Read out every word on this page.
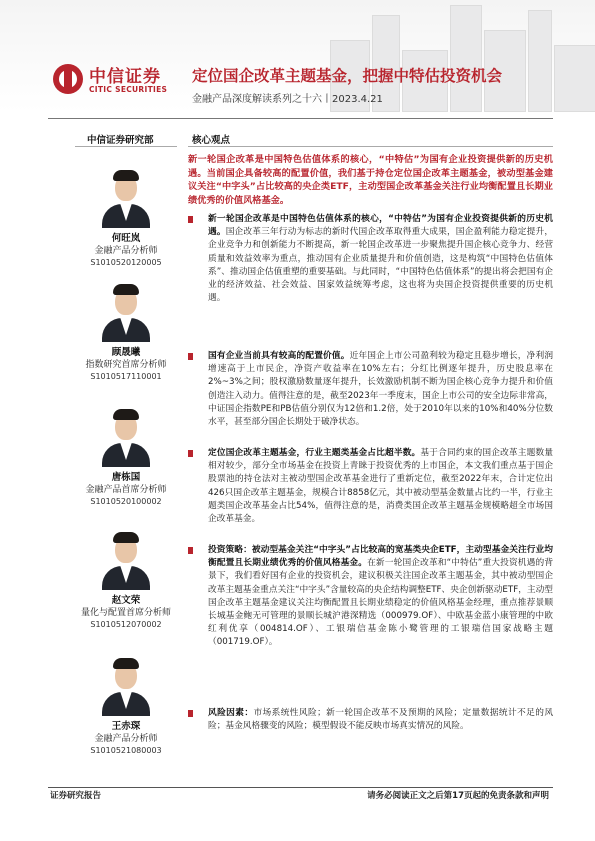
中信证券
CITIC SECURITIES
定位国企改革主题基金，把握中特估投资机会
金融产品深度解读系列之十六丨2023.4.21
中信证券研究部
何旺岚
金融产品分析师
S1010520120005
顾晟曦
指数研究首席分析师
S1010517110001
唐栋国
金融产品首席分析师
S1010520100002
赵文荣
量化与配置首席分析师
S1010512070002
王赤琛
金融产品分析师
S1010521080003
核心观点
新一轮国企改革是中国特色估值体系的核心，“中特估”为国有企业投资提供新的历史机遇。当前国企具备较高的配置价值，我们基于持仓定位国企改革主题基金，被动型基金建议关注“中字头”占比较高的央企类ETF，主动型国企改革基金关注行业均衡配置且长期业绩优秀的价值风格基金。
新一轮国企改革是中国特色估值体系的核心，“中特估”为国有企业投资提供新的历史机遇。国企改革三年行动为标志的新时代国企改革取得重大成果，国企盈利能力稳定提升，企业竞争力和创新能力不断提高，新一轮国企改革进一步聚焦提升国企核心竞争力、经营质量和效益效率为重点，推动国有企业质量提升和价值创造，这是构筑“中国特色估值体系”、推动国企估值重塑的重要基础。与此同时，“中国特色估值体系”的提出将会把国有企业的经济效益、社会效益、国家效益统筹考虑，这也将为央国企投资提供重要的历史机遇。
国有企业当前具有较高的配置价值。近年国企上市公司盈利较为稳定且稳步增长，净利润增速高于上市民企，净资产收益率在10%左右；分红比例逐年提升，历史股息率在2%~3%之间；股权激励数量逐年提升，长效激励机制不断为国企核心竞争力提升和价值创造注入动力。值得注意的是，截至2023年一季度末，国企上市公司的安全边际非常高，中证国企指数PE和PB估值分别仅为12倍和1.2倍，处于2010年以来的10%和40%分位数水平，甚至部分国企长期处于破净状态。
定位国企改革主题基金，行业主题类基金占比超半数。基于合同约束的国企改革主题数量相对较少，部分全市场基金在投资上青睐于投资优秀的上市国企，本文我们重点基于国企股票池的持仓法对主被动型国企改革基金进行了重新定位，截至2022年末，合计定位出426只国企改革主题基金，规模合计8858亿元，其中被动型基金数量占比约一半，行业主题类国企改革基金占比54%，值得注意的是，消费类国企改革主题基金规模略超全市场国企改革基金。
投资策略：被动型基金关注“中字头”占比较高的宽基类央企ETF，主动型基金关注行业均衡配置且长期业绩优秀的价值风格基金。在新一轮国企改革和“中特估”重大投资机遇的背景下，我们看好国有企业的投资机会，建议积极关注国企改革主题基金，其中被动型国企改革主题基金重点关注“中字头”含量较高的央企结构调整ETF、央企创新驱动ETF，主动型国企改革主题基金建议关注均衡配置且长期业绩稳定的价值风格基金经理，重点推荐景顺长城基金鲍无可管理的景顺长城沪港深精选（000979.OF）、中欧基金蓝小康管理的中欧红利优享（004814.OF）、工银瑞信基金陈小鹭管理的工银瑞信国家战略主题（001719.OF）。
风险因素：市场系统性风险；新一轮国企改革不及预期的风险；定量数据统计不足的风险；基金风格骤变的风险；模型假设不能反映市场真实情况的风险。
证券研究报告	请务必阅读正文之后第17页起的免责条款和声明
